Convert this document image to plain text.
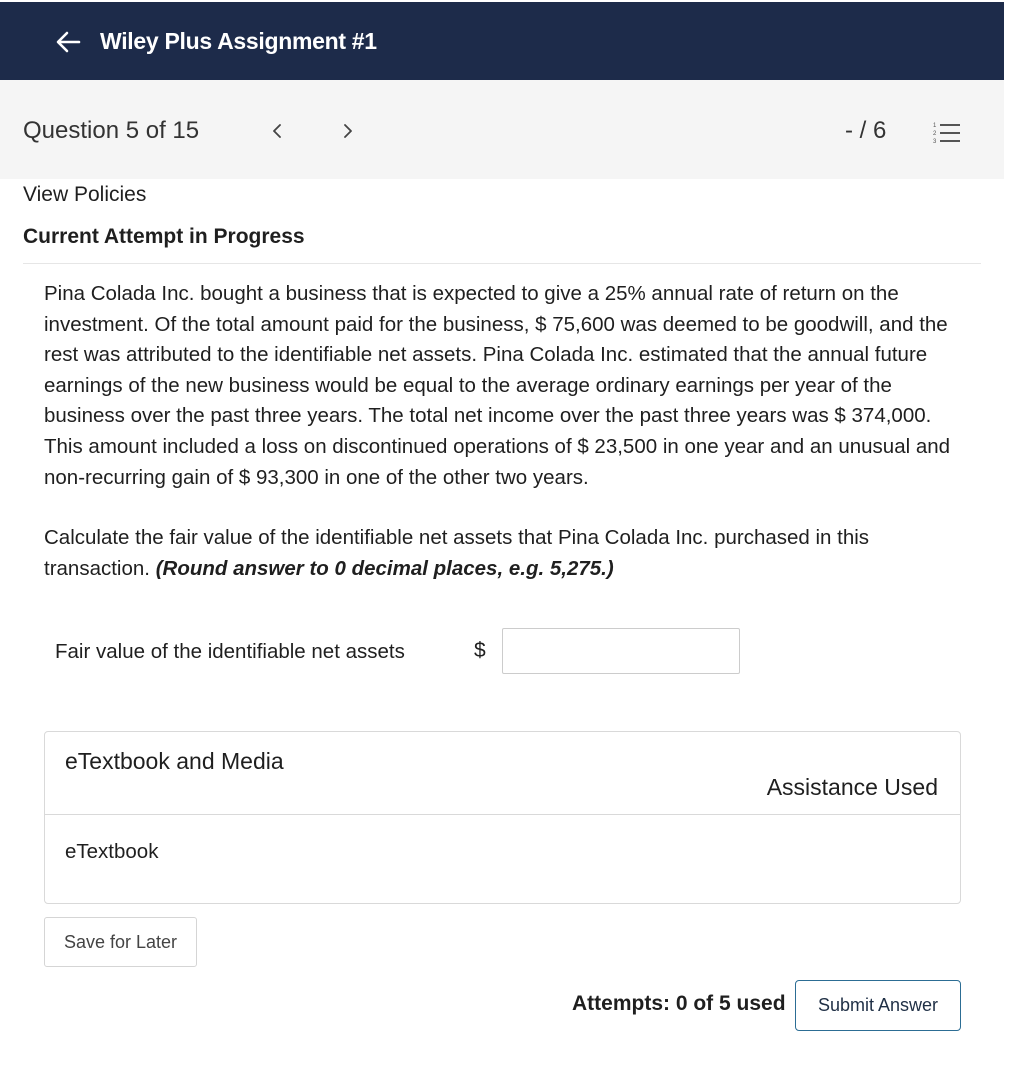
Wiley Plus Assignment #1
Question 5 of 15	- / 6	1
2
3
View Policies
Current Attempt in Progress
Pina Colada Inc. bought a business that is expected to give a 25% annual rate of return on the investment. Of the total amount paid for the business, $ 75,600 was deemed to be goodwill, and the rest was attributed to the identifiable net assets. Pina Colada Inc. estimated that the annual future earnings of the new business would be equal to the average ordinary earnings per year of the business over the past three years. The total net income over the past three years was $ 374,000. This amount included a loss on discontinued operations of $ 23,500 in one year and an unusual and non-recurring gain of $ 93,300 in one of the other two years.
Calculate the fair value of the identifiable net assets that Pina Colada Inc. purchased in this transaction. (Round answer to 0 decimal places, e.g. 5,275.)
Fair value of the identifiable net assets	$
eTextbook and Media
Assistance Used
eTextbook
Save for Later
Attempts: 0 of 5 used	Submit Answer
